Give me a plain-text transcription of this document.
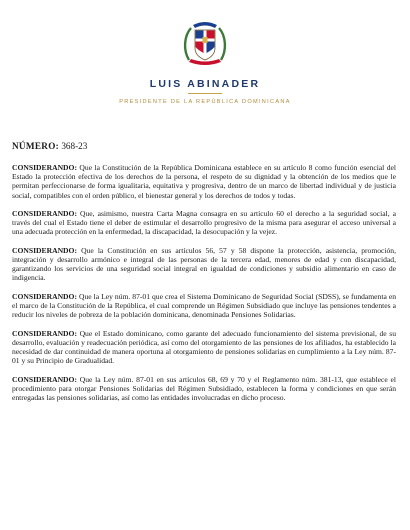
LUIS ABINADER
PRESIDENTE DE LA REPÚBLICA DOMINICANA
NÚMERO: 368-23

CONSIDERANDO: Que la Constitución de la República Dominicana establece en su artículo 8 como función esencial del Estado la protección efectiva de los derechos de la persona, el respeto de su dignidad y la obtención de los medios que le permitan perfeccionarse de forma igualitaria, equitativa y progresiva, dentro de un marco de libertad individual y de justicia social, compatibles con el orden público, el bienestar general y los derechos de todos y todas.

CONSIDERANDO: Que, asimismo, nuestra Carta Magna consagra en su artículo 60 el derecho a la seguridad social, a través del cual el Estado tiene el deber de estimular el desarrollo progresivo de la misma para asegurar el acceso universal a una adecuada protección en la enfermedad, la discapacidad, la desocupación y la vejez.

CONSIDERANDO: Que la Constitución en sus artículos 56, 57 y 58 dispone la protección, asistencia, promoción, integración y desarrollo armónico e integral de las personas de la tercera edad, menores de edad y con discapacidad, garantizando los servicios de una seguridad social integral en igualdad de condiciones y subsidio alimentario en caso de indigencia.

CONSIDERANDO: Que la Ley núm. 87-01 que crea el Sistema Dominicano de Seguridad Social (SDSS), se fundamenta en el marco de la Constitución de la República, el cual comprende un Régimen Subsidiado que incluye las pensiones tendentes a reducir los niveles de pobreza de la población dominicana, denominada Pensiones Solidarias.

CONSIDERANDO: Que el Estado dominicano, como garante del adecuado funcionamiento del sistema previsional, de su desarrollo, evaluación y readecuación periódica, así como del otorgamiento de las pensiones de los afiliados, ha establecido la necesidad de dar continuidad de manera oportuna al otorgamiento de pensiones solidarias en cumplimiento a la Ley núm. 87-01 y su Principio de Gradualidad.

CONSIDERANDO: Que la Ley núm. 87-01 en sus artículos 68, 69 y 70 y el Reglamento núm. 381-13, que establece el procedimiento para otorgar Pensiones Solidarias del Régimen Subsidiado, establecen la forma y condiciones en que serán entregadas las pensiones solidarias, así como las entidades involucradas en dicho proceso.
